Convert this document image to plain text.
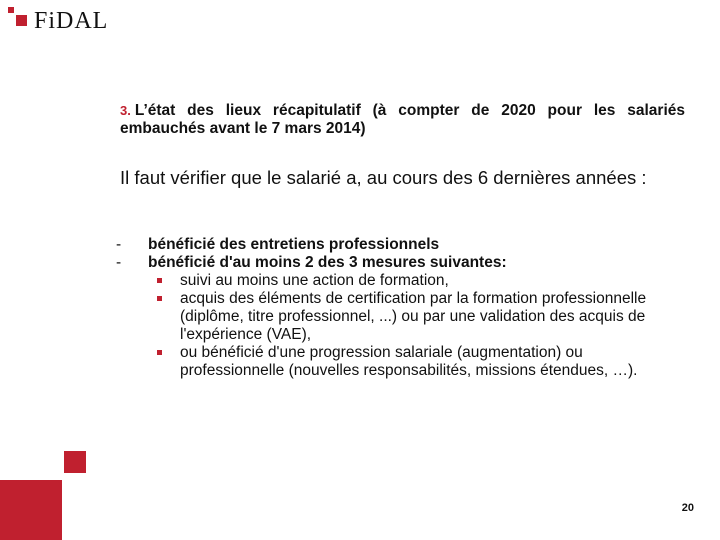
FiDAL
3. L’état des lieux récapitulatif (à compter de 2020 pour les salariés embauchés avant le 7 mars 2014)
Il faut vérifier que le salarié a, au cours des 6 dernières années :
- bénéficié des entretiens professionnels
- bénéficié d'au moins 2 des 3 mesures suivantes:
suivi au moins une action de formation,
acquis des éléments de certification par la formation professionnelle (diplôme, titre professionnel, ...) ou par une validation des acquis de l'expérience (VAE),
ou bénéficié d'une progression salariale (augmentation) ou professionnelle (nouvelles responsabilités, missions étendues, …).
20
